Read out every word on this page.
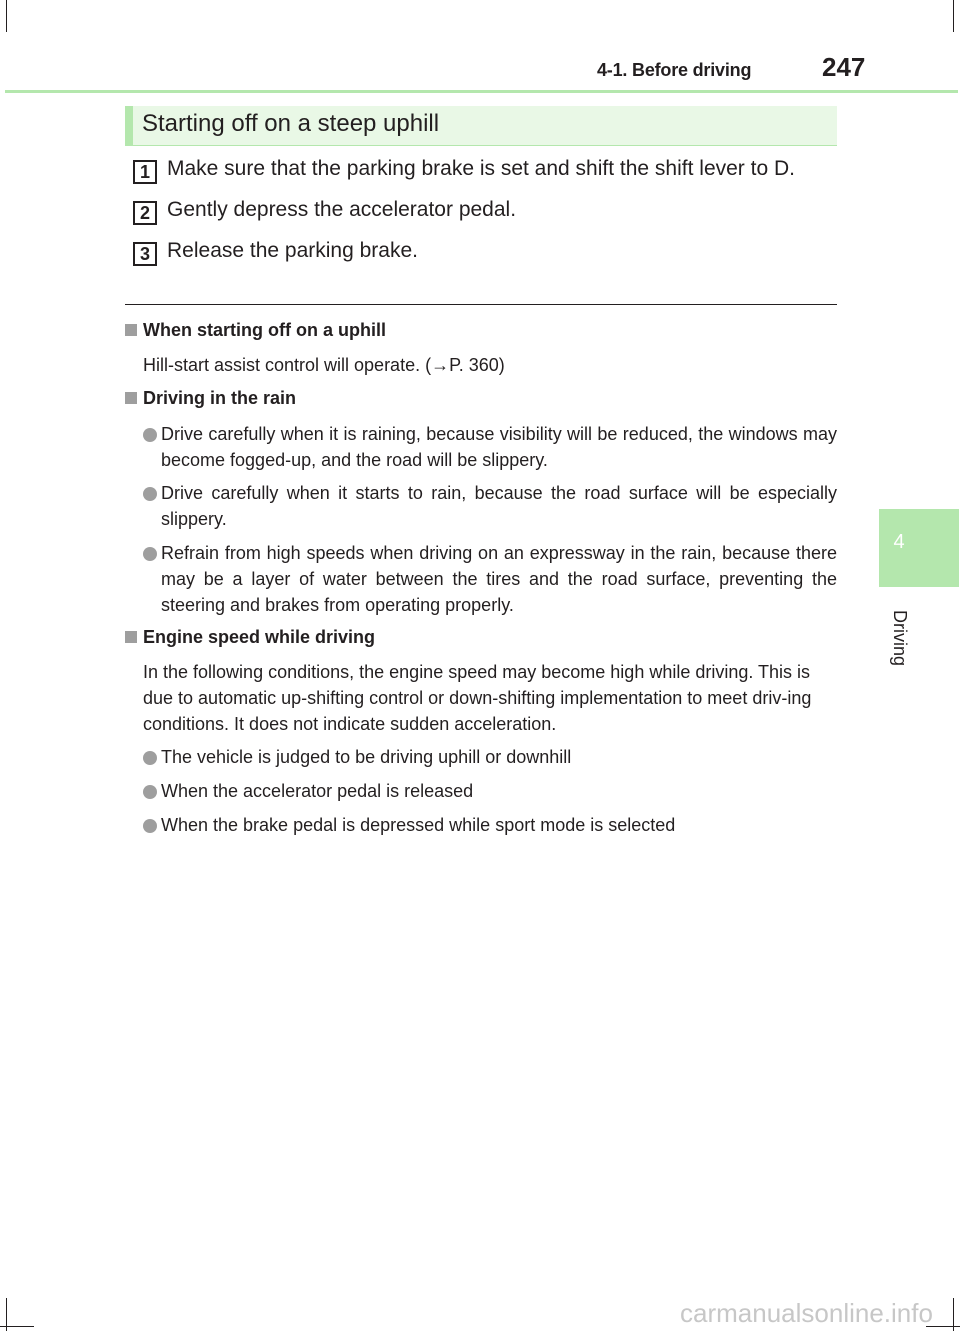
4-1. Before driving	247
4
Driving
Starting off on a steep uphill
1 Make sure that the parking brake is set and shift the shift lever to D.
2 Gently depress the accelerator pedal.
3 Release the parking brake.
When starting off on a uphill
Hill-start assist control will operate. (→P. 360)
Driving in the rain
Drive carefully when it is raining, because visibility will be reduced, the windows may become fogged-up, and the road will be slippery.
Drive carefully when it starts to rain, because the road surface will be especially slippery.
Refrain from high speeds when driving on an expressway in the rain, because there may be a layer of water between the tires and the road surface, preventing the steering and brakes from operating properly.
Engine speed while driving
In the following conditions, the engine speed may become high while driving. This is due to automatic up-shifting control or down-shifting implementation to meet driv-ing conditions. It does not indicate sudden acceleration.
The vehicle is judged to be driving uphill or downhill
When the accelerator pedal is released
When the brake pedal is depressed while sport mode is selected
carmanualsonline.info
